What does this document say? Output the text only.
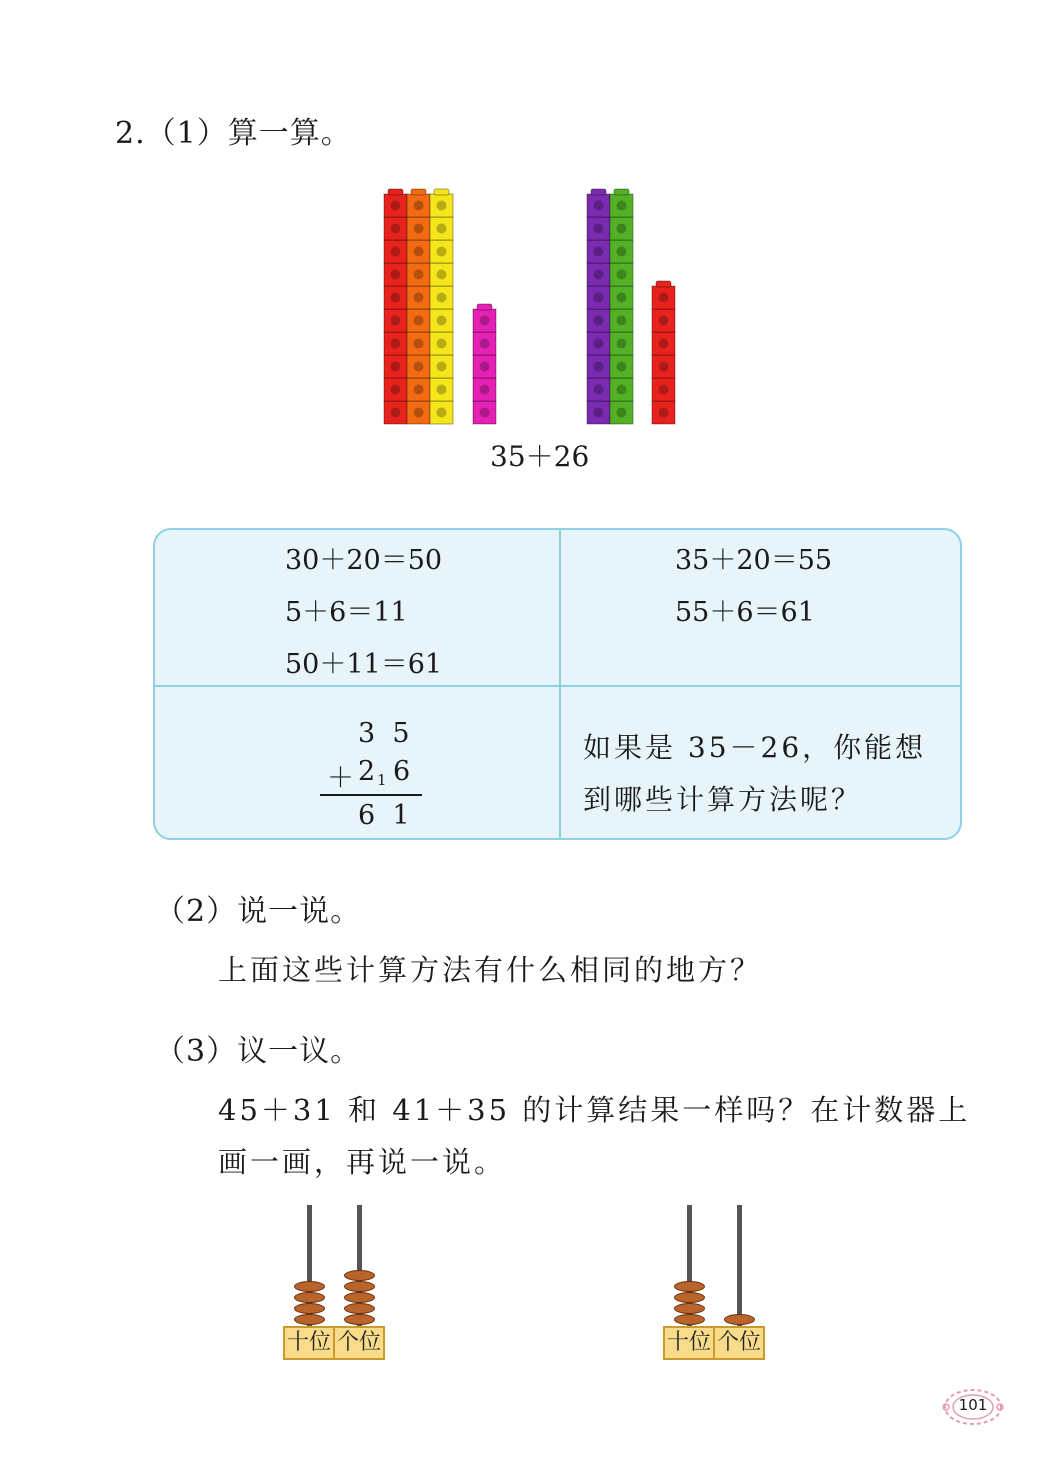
2.（1）算一算。
35＋26
30＋20＝50
5＋6＝11
50＋11＝61
35＋20＝55
55＋6＝61
3  5
＋ 2 1 6
6  1
如果是 35－26，你能想
到哪些计算方法呢？
（2）说一说。
上面这些计算方法有什么相同的地方？
（3）议一议。
45＋31 和 41＋35 的计算结果一样吗？在计数器上
画一画，再说一说。
十位 个位	十位 个位
101
